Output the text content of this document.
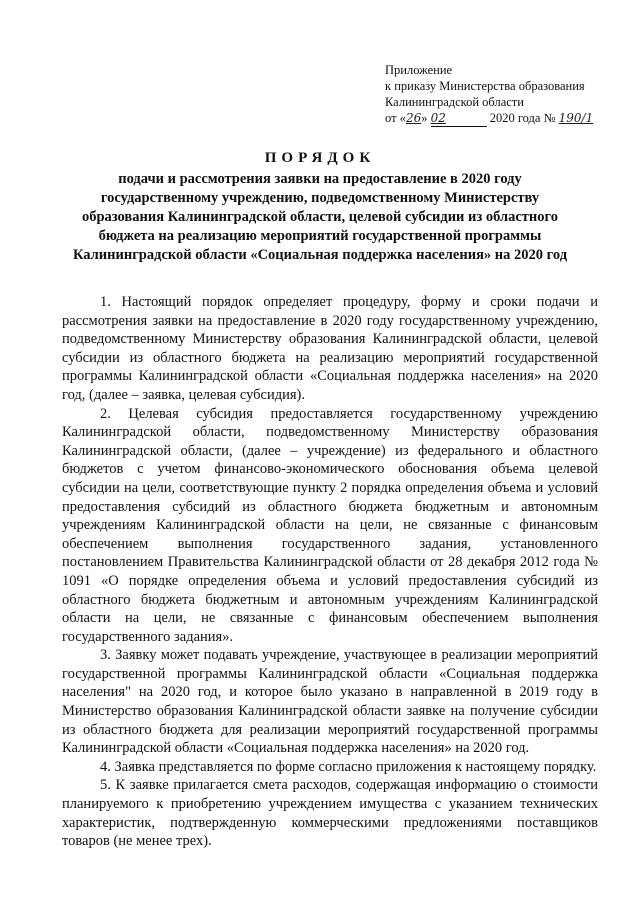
Приложение
к приказу Министерства образования
Калининградской области
от «26» 02	2020 года № 190/1
ПОРЯДОК
подачи и рассмотрения заявки на предоставление в 2020 году государственному учреждению, подведомственному Министерству образования Калининградской области, целевой субсидии из областного бюджета на реализацию мероприятий государственной программы Калининградской области «Социальная поддержка населения» на 2020 год

1. Настоящий порядок определяет процедуру, форму и сроки подачи и рассмотрения заявки на предоставление в 2020 году государственному учреждению, подведомственному Министерству образования Калининградской области, целевой субсидии из областного бюджета на реализацию мероприятий государственной программы Калининградской области «Социальная поддержка населения» на 2020 год, (далее – заявка, целевая субсидия).

2. Целевая субсидия предоставляется государственному учреждению Калининградской области, подведомственному Министерству образования Калининградской области, (далее – учреждение) из федерального и областного бюджетов с учетом финансово-экономического обоснования объема целевой субсидии на цели, соответствующие пункту 2 порядка определения объема и условий предоставления субсидий из областного бюджета бюджетным и автономным учреждениям Калининградской области на цели, не связанные с финансовым обеспечением выполнения государственного задания, установленного постановлением Правительства Калининградской области от 28 декабря 2012 года № 1091 «О порядке определения объема и условий предоставления субсидий из областного бюджета бюджетным и автономным учреждениям Калининградской области на цели, не связанные с финансовым обеспечением выполнения государственного задания».

3. Заявку может подавать учреждение, участвующее в реализации мероприятий государственной программы Калининградской области «Социальная поддержка населения" на 2020 год, и которое было указано в направленной в 2019 году в Министерство образования Калининградской области заявке на получение субсидии из областного бюджета для реализации мероприятий государственной программы Калининградской области «Социальная поддержка населения» на 2020 год.

4. Заявка представляется по форме согласно приложения к настоящему порядку.

5. К заявке прилагается смета расходов, содержащая информацию о стоимости планируемого к приобретению учреждением имущества с указанием технических характеристик, подтвержденную коммерческими предложениями поставщиков товаров (не менее трех).
